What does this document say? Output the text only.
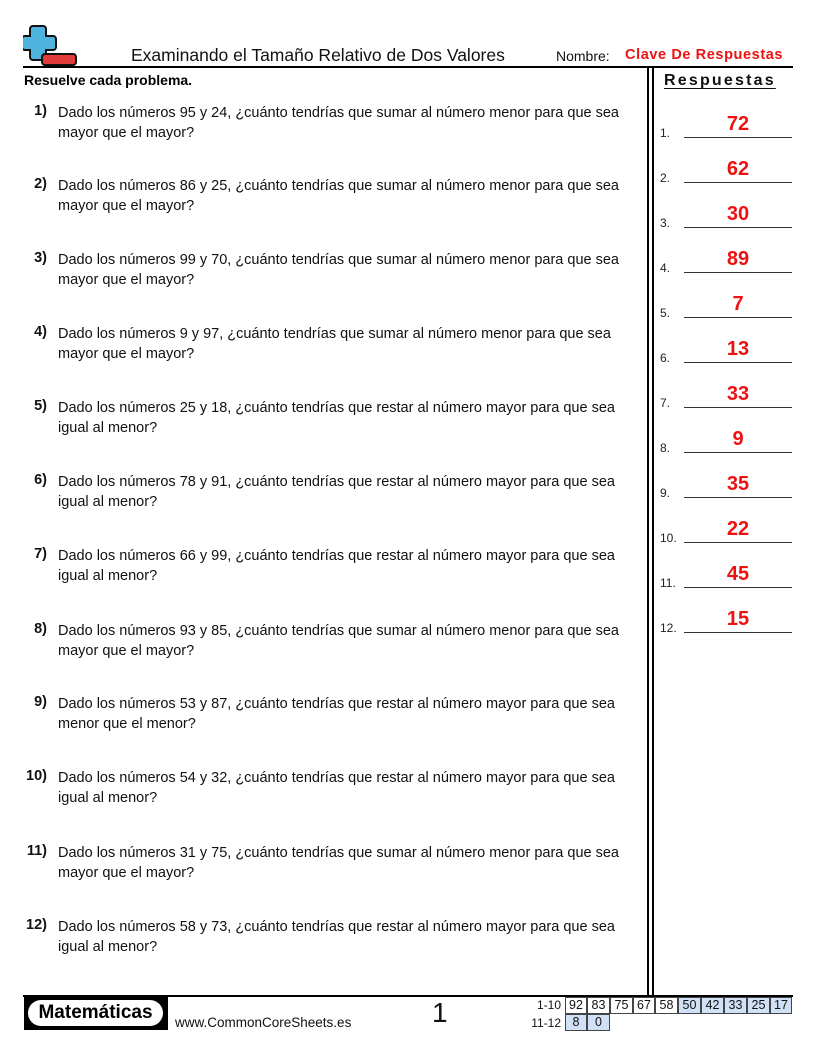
Examinando el Tamaño Relativo de Dos Valores	Nombre: Clave De Respuestas
Resuelve cada problema.
1) Dado los números 95 y 24, ¿cuánto tendrías que sumar al número menor para que sea mayor que el mayor?
2) Dado los números 86 y 25, ¿cuánto tendrías que sumar al número menor para que sea mayor que el mayor?
3) Dado los números 99 y 70, ¿cuánto tendrías que sumar al número menor para que sea mayor que el mayor?
4) Dado los números 9 y 97, ¿cuánto tendrías que sumar al número menor para que sea mayor que el mayor?
5) Dado los números 25 y 18, ¿cuánto tendrías que restar al número mayor para que sea igual al menor?
6) Dado los números 78 y 91, ¿cuánto tendrías que restar al número mayor para que sea igual al menor?
7) Dado los números 66 y 99, ¿cuánto tendrías que restar al número mayor para que sea igual al menor?
8) Dado los números 93 y 85, ¿cuánto tendrías que sumar al número menor para que sea mayor que el mayor?
9) Dado los números 53 y 87, ¿cuánto tendrías que restar al número mayor para que sea menor que el menor?
10) Dado los números 54 y 32, ¿cuánto tendrías que restar al número mayor para que sea igual al menor?
11) Dado los números 31 y 75, ¿cuánto tendrías que sumar al número menor para que sea mayor que el mayor?
12) Dado los números 58 y 73, ¿cuánto tendrías que restar al número mayor para que sea igual al menor?
Respuestas
1.	72
2.	62
3.	30
4.	89
5.	7
6.	13
7.	33
8.	9
9.	35
10.	22
11.	45
12.	15
Matemáticas	www.CommonCoreSheets.es	1	1-10 92 83 75 67 58 50 42 33 25 17
11-12 8	0
